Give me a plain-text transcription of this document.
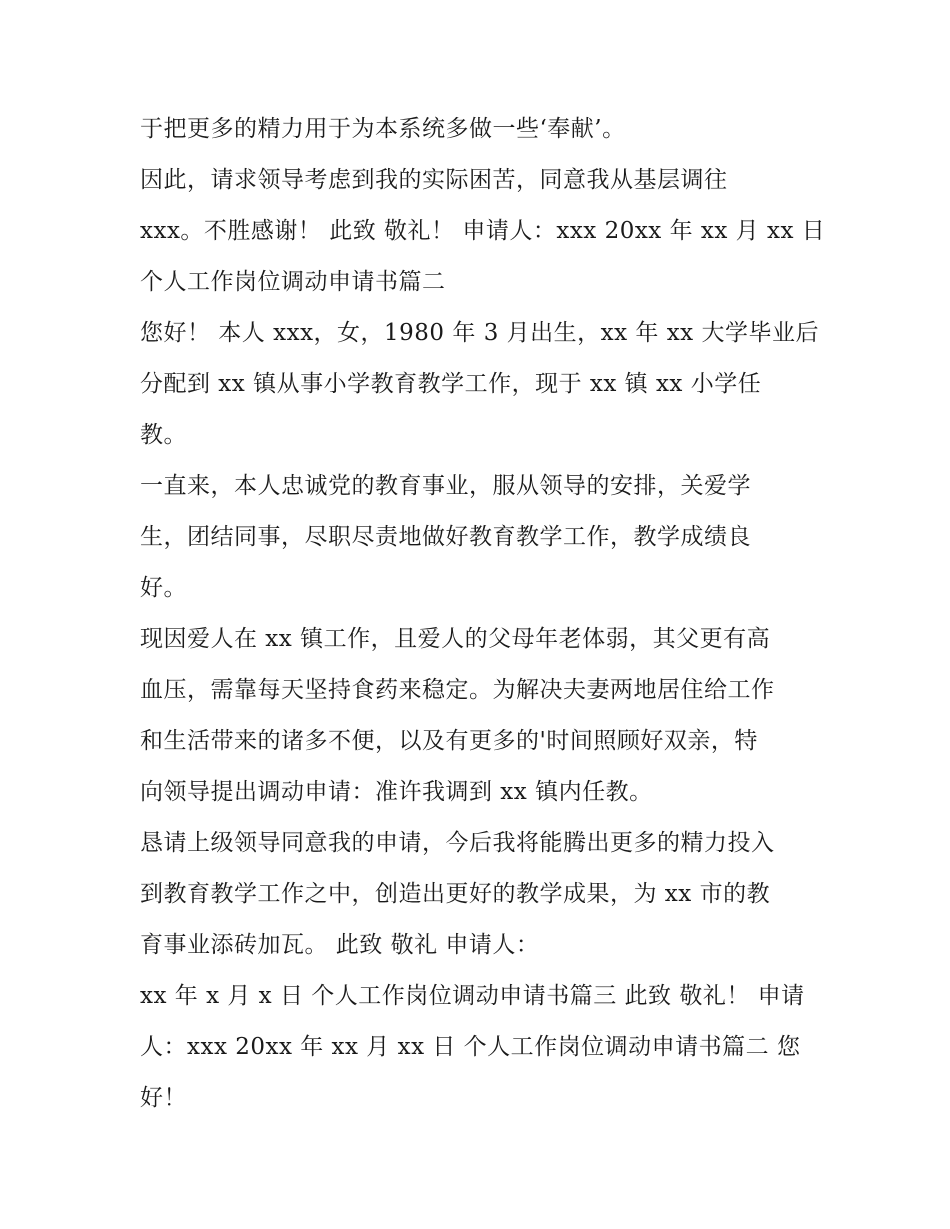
于把更多的精力用于为本系统多做一些‘奉献’。
因此，请求领导考虑到我的实际困苦，同意我从基层调往
xxx。不胜感谢！ 此致 敬礼！ 申请人：xxx 20xx 年 xx 月 xx 日
个人工作岗位调动申请书篇二
您好！ 本人 xxx，女，1980 年 3 月出生，xx 年 xx 大学毕业后
分配到 xx 镇从事小学教育教学工作，现于 xx 镇 xx 小学任
教。
一直来，本人忠诚党的教育事业，服从领导的安排，关爱学
生，团结同事，尽职尽责地做好教育教学工作，教学成绩良
好。
现因爱人在 xx 镇工作，且爱人的父母年老体弱，其父更有高
血压，需靠每天坚持食药来稳定。为解决夫妻两地居住给工作
和生活带来的诸多不便，以及有更多的'时间照顾好双亲，特
向领导提出调动申请：准许我调到 xx 镇内任教。
恳请上级领导同意我的申请，今后我将能腾出更多的精力投入
到教育教学工作之中，创造出更好的教学成果，为 xx 市的教
育事业添砖加瓦。 此致 敬礼 申请人：
xx 年 x 月 x 日 个人工作岗位调动申请书篇三 此致 敬礼！ 申请
人：xxx 20xx 年 xx 月 xx 日 个人工作岗位调动申请书篇二 您
好！
